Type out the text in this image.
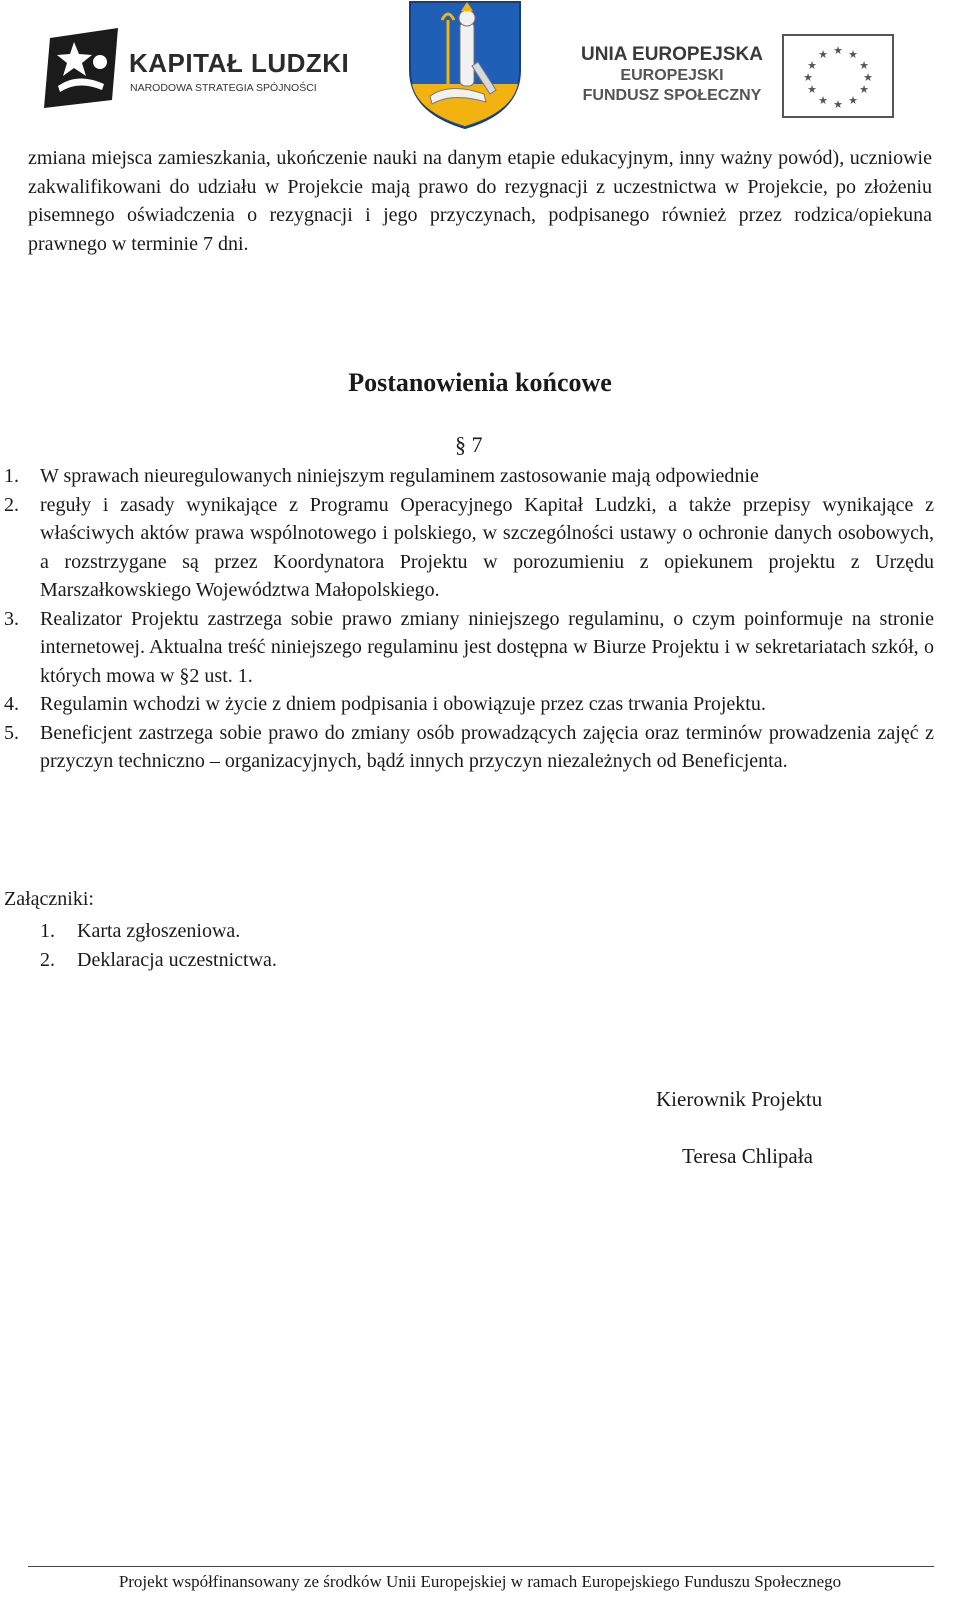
KAPITAŁ LUDZKI
NARODOWA STRATEGIA SPÓJNOŚCI
UNIA EUROPEJSKA
EUROPEJSKI
FUNDUSZ SPOŁECZNY
★ ★
★
★
★
★
★
★
★
★
★
★

zmiana miejsca zamieszkania, ukończenie nauki na danym etapie edukacyjnym, inny ważny powód), uczniowie zakwalifikowani do udziału w Projekcie mają prawo do rezygnacji z uczestnictwa w Projekcie, po złożeniu pisemnego oświadczenia o rezygnacji i jego przyczynach, podpisanego również przez rodzica/opiekuna prawnego w terminie 7 dni.

Postanowienia końcowe
§ 7
1. W sprawach nieuregulowanych niniejszym regulaminem zastosowanie mają odpowiednie
2. reguły i zasady wynikające z Programu Operacyjnego Kapitał Ludzki, a także przepisy wynikające z właściwych aktów prawa wspólnotowego i polskiego, w szczególności ustawy o ochronie danych osobowych, a rozstrzygane są przez Koordynatora Projektu w porozumieniu z opiekunem projektu z Urzędu Marszałkowskiego Województwa Małopolskiego.
3. Realizator Projektu zastrzega sobie prawo zmiany niniejszego regulaminu, o czym poinformuje na stronie internetowej. Aktualna treść niniejszego regulaminu jest dostępna w Biurze Projektu i w sekretariatach szkół, o których mowa w §2 ust. 1.
4. Regulamin wchodzi w życie z dniem podpisania i obowiązuje przez czas trwania Projektu.
5. Beneficjent zastrzega sobie prawo do zmiany osób prowadzących zajęcia oraz terminów prowadzenia zajęć z przyczyn techniczno – organizacyjnych, bądź innych przyczyn niezależnych od Beneficjenta.
Załączniki:
1. Karta zgłoszeniowa.
2. Deklaracja uczestnictwa.
Kierownik Projektu
Teresa Chlipała
Projekt współfinansowany ze środków Unii Europejskiej w ramach Europejskiego Funduszu Społecznego
